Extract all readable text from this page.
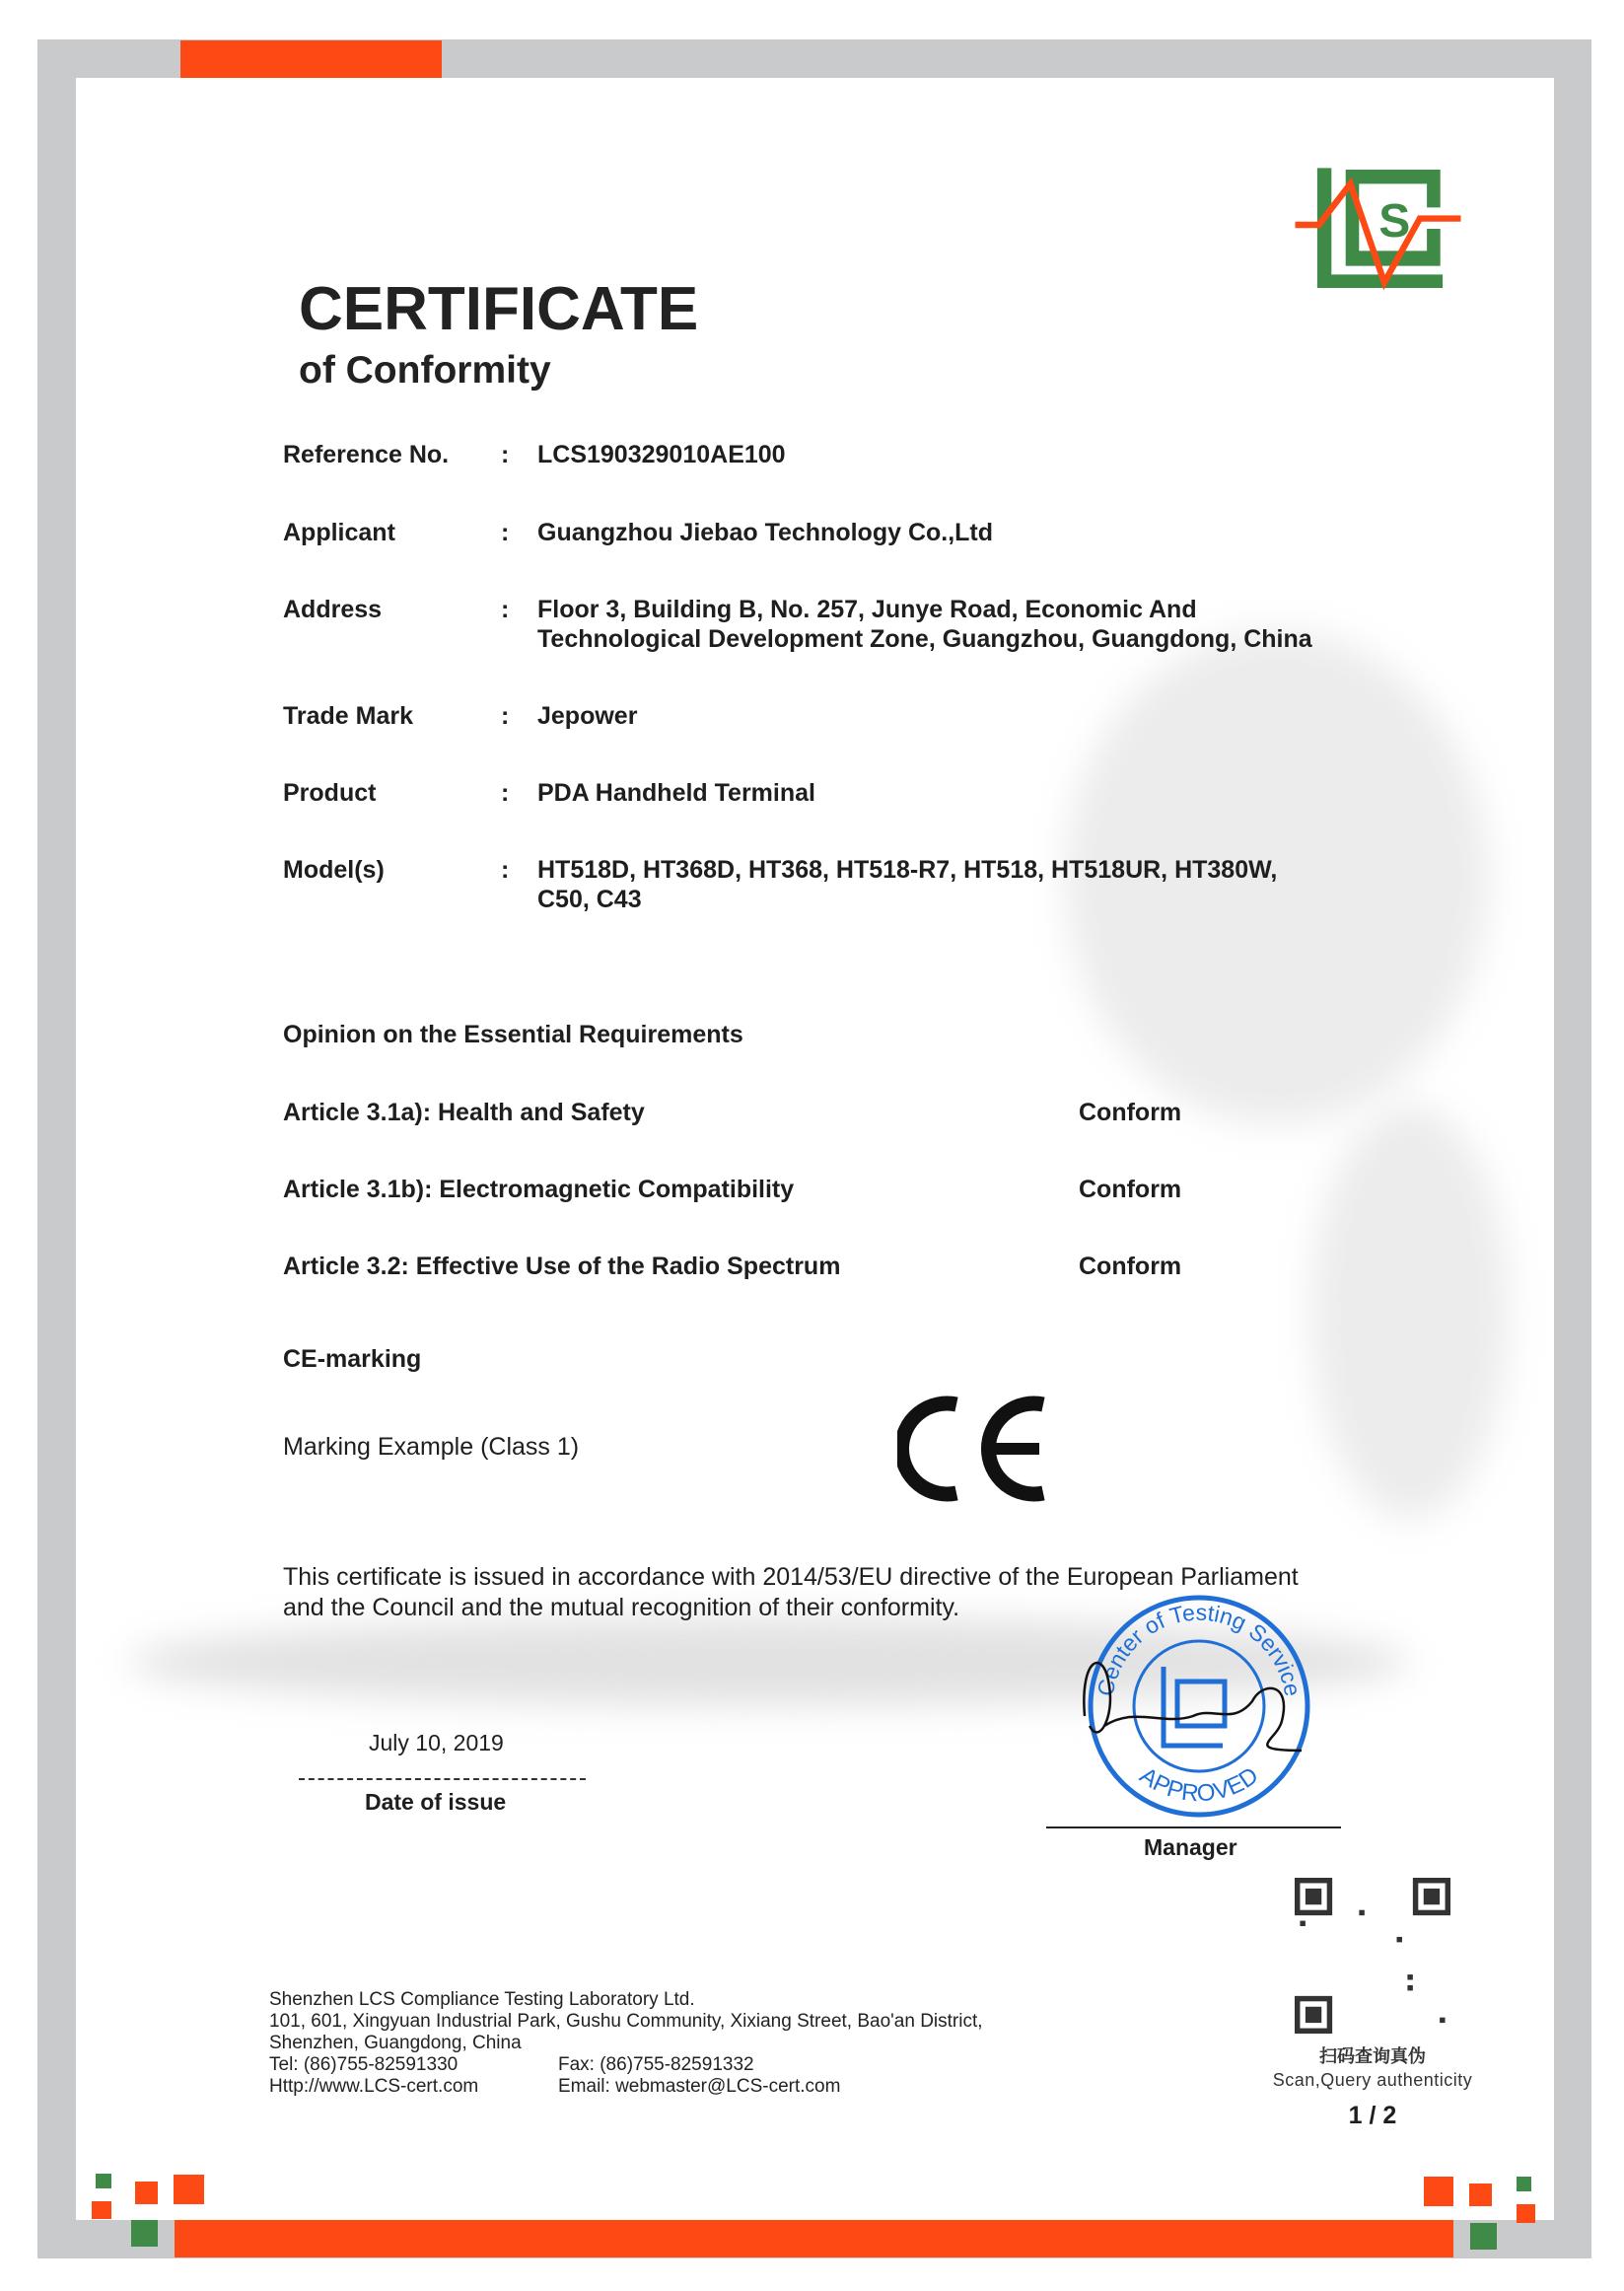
S
CERTIFICATE
of Conformity
Reference No. : LCS190329010AE100
Applicant	: Guangzhou Jiebao Technology Co.,Ltd
Address	: Floor 3, Building B, No. 257, Junye Road, Economic And
Technological Development Zone, Guangzhou, Guangdong, China
Trade Mark	: Jepower
Product	: PDA Handheld Terminal
Model(s)	: HT518D, HT368D, HT368, HT518-R7, HT518, HT518UR, HT380W,
C50, C43
Opinion on the Essential Requirements
Article 3.1a): Health and Safety	Conform
Article 3.1b): Electromagnetic Compatibility	Conform
Article 3.2: Effective Use of the Radio Spectrum	Conform
CE-marking
Marking Example (Class 1)
This certificate is issued in accordance with 2014/53/EU directive of the European Parliament
and the Council and the mutual recognition of their conformity.
July 10, 2019
Date of issue
Center of Testing Service
APPROVED
Manager
Shenzhen LCS Compliance Testing Laboratory Ltd.
101, 601, Xingyuan Industrial Park, Gushu Community, Xixiang Street, Bao'an District,
Shenzhen, Guangdong, China
Tel: (86)755-82591330	Fax: (86)755-82591332
Http://www.LCS-cert.com	Email: webmaster@LCS-cert.com
扫码查询真伪
Scan,Query authenticity
1 / 2
